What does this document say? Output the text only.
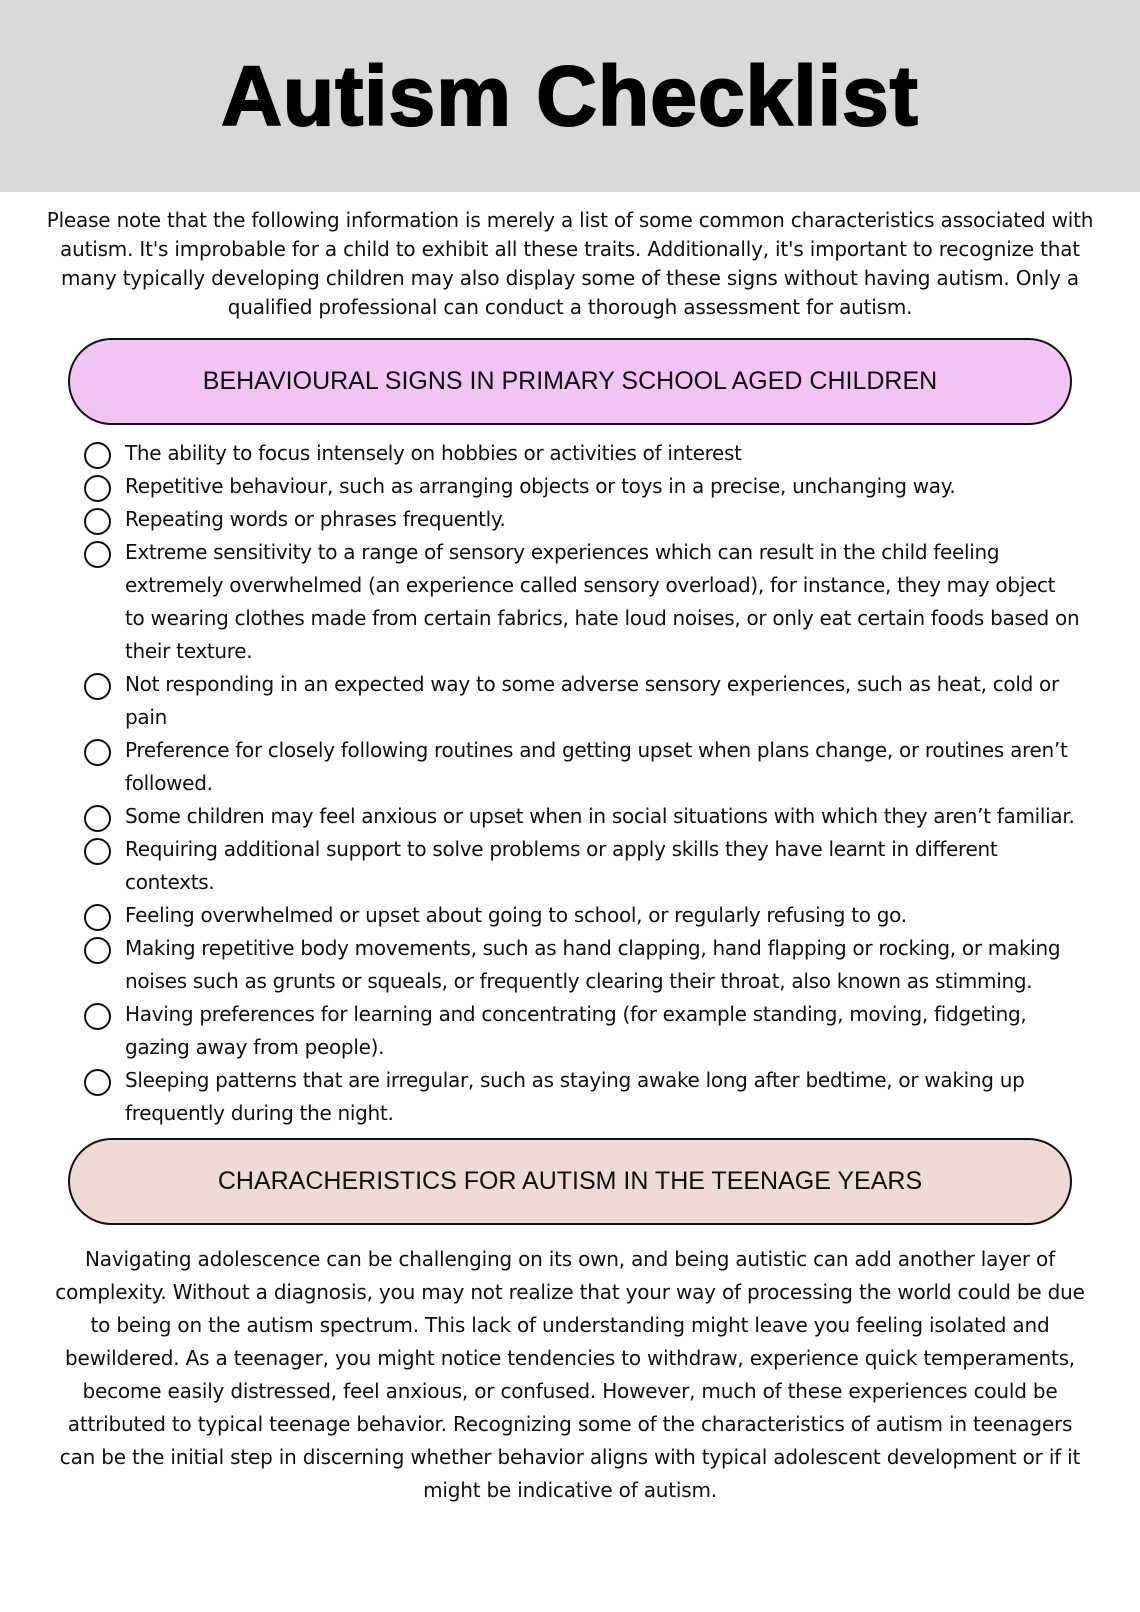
Autism Checklist

Please note that the following information is merely a list of some common characteristics associated with autism. It's improbable for a child to exhibit all these traits. Additionally, it's important to recognize that many typically developing children may also display some of these signs without having autism. Only a qualified professional can conduct a thorough assessment for autism.

BEHAVIOURAL SIGNS IN PRIMARY SCHOOL AGED CHILDREN
The ability to focus intensely on hobbies or activities of interest
Repetitive behaviour, such as arranging objects or toys in a precise, unchanging way.
Repeating words or phrases frequently.
Extreme sensitivity to a range of sensory experiences which can result in the child feeling extremely overwhelmed (an experience called sensory overload), for instance, they may object to wearing clothes made from certain fabrics, hate loud noises, or only eat certain foods based on their texture.
Not responding in an expected way to some adverse sensory experiences, such as heat, cold or pain
Preference for closely following routines and getting upset when plans change, or routines aren’t followed.
Some children may feel anxious or upset when in social situations with which they aren’t familiar.
Requiring additional support to solve problems or apply skills they have learnt in different contexts.
Feeling overwhelmed or upset about going to school, or regularly refusing to go.
Making repetitive body movements, such as hand clapping, hand flapping or rocking, or making noises such as grunts or squeals, or frequently clearing their throat, also known as stimming.
Having preferences for learning and concentrating (for example standing, moving, fidgeting, gazing away from people).
Sleeping patterns that are irregular, such as staying awake long after bedtime, or waking up frequently during the night.
CHARACHERISTICS FOR AUTISM IN THE TEENAGE YEARS

Navigating adolescence can be challenging on its own, and being autistic can add another layer of complexity. Without a diagnosis, you may not realize that your way of processing the world could be due to being on the autism spectrum. This lack of understanding might leave you feeling isolated and bewildered. As a teenager, you might notice tendencies to withdraw, experience quick temperaments, become easily distressed, feel anxious, or confused. However, much of these experiences could be attributed to typical teenage behavior. Recognizing some of the characteristics of autism in teenagers can be the initial step in discerning whether behavior aligns with typical adolescent development or if it might be indicative of autism.
